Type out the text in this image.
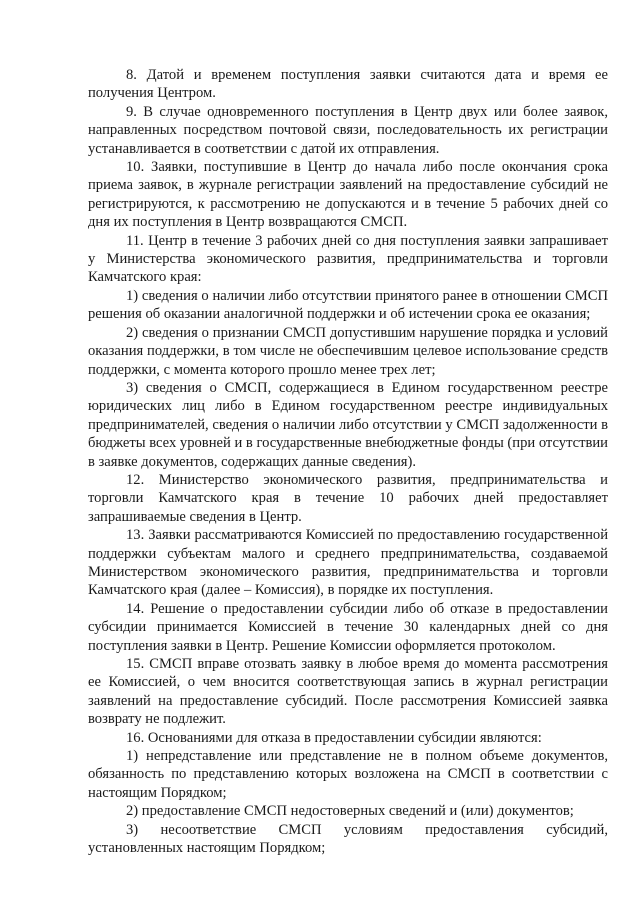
8. Датой и временем поступления заявки считаются дата и время ее получения Центром.

9. В случае одновременного поступления в Центр двух или более заявок, направленных посредством почтовой связи, последовательность их регистрации устанавливается в соответствии с датой их отправления.

10. Заявки, поступившие в Центр до начала либо после окончания срока приема заявок, в журнале регистрации заявлений на предоставление субсидий не регистрируются, к рассмотрению не допускаются и в течение 5 рабочих дней со дня их поступления в Центр возвращаются СМСП.

11. Центр в течение 3 рабочих дней со дня поступления заявки запрашивает у Министерства экономического развития, предпринимательства и торговли Камчатского края:

1) сведения о наличии либо отсутствии принятого ранее в отношении СМСП решения об оказании аналогичной поддержки и об истечении срока ее оказания;

2) сведения о признании СМСП допустившим нарушение порядка и условий оказания поддержки, в том числе не обеспечившим целевое использование средств поддержки, с момента которого прошло менее трех лет;

3) сведения о СМСП, содержащиеся в Едином государственном реестре юридических лиц либо в Едином государственном реестре индивидуальных предпринимателей, сведения о наличии либо отсутствии у СМСП задолженности в бюджеты всех уровней и в государственные внебюджетные фонды (при отсутствии в заявке документов, содержащих данные сведения).

12. Министерство экономического развития, предпринимательства и торговли Камчатского края в течение 10 рабочих дней предоставляет запрашиваемые сведения в Центр.

13. Заявки рассматриваются Комиссией по предоставлению государственной поддержки субъектам малого и среднего предпринимательства, создаваемой Министерством экономического развития, предпринимательства и торговли Камчатского края (далее – Комиссия), в порядке их поступления.

14. Решение о предоставлении субсидии либо об отказе в предоставлении субсидии принимается Комиссией в течение 30 календарных дней со дня поступления заявки в Центр. Решение Комиссии оформляется протоколом.

15. СМСП вправе отозвать заявку в любое время до момента рассмотрения ее Комиссией, о чем вносится соответствующая запись в журнал регистрации заявлений на предоставление субсидий. После рассмотрения Комиссией заявка возврату не подлежит.

16. Основаниями для отказа в предоставлении субсидии являются:

1) непредставление или представление не в полном объеме документов, обязанность по представлению которых возложена на СМСП в соответствии с настоящим Порядком;

2) предоставление СМСП недостоверных сведений и (или) документов;

3) несоответствие СМСП условиям предоставления субсидий, установленных настоящим Порядком;
